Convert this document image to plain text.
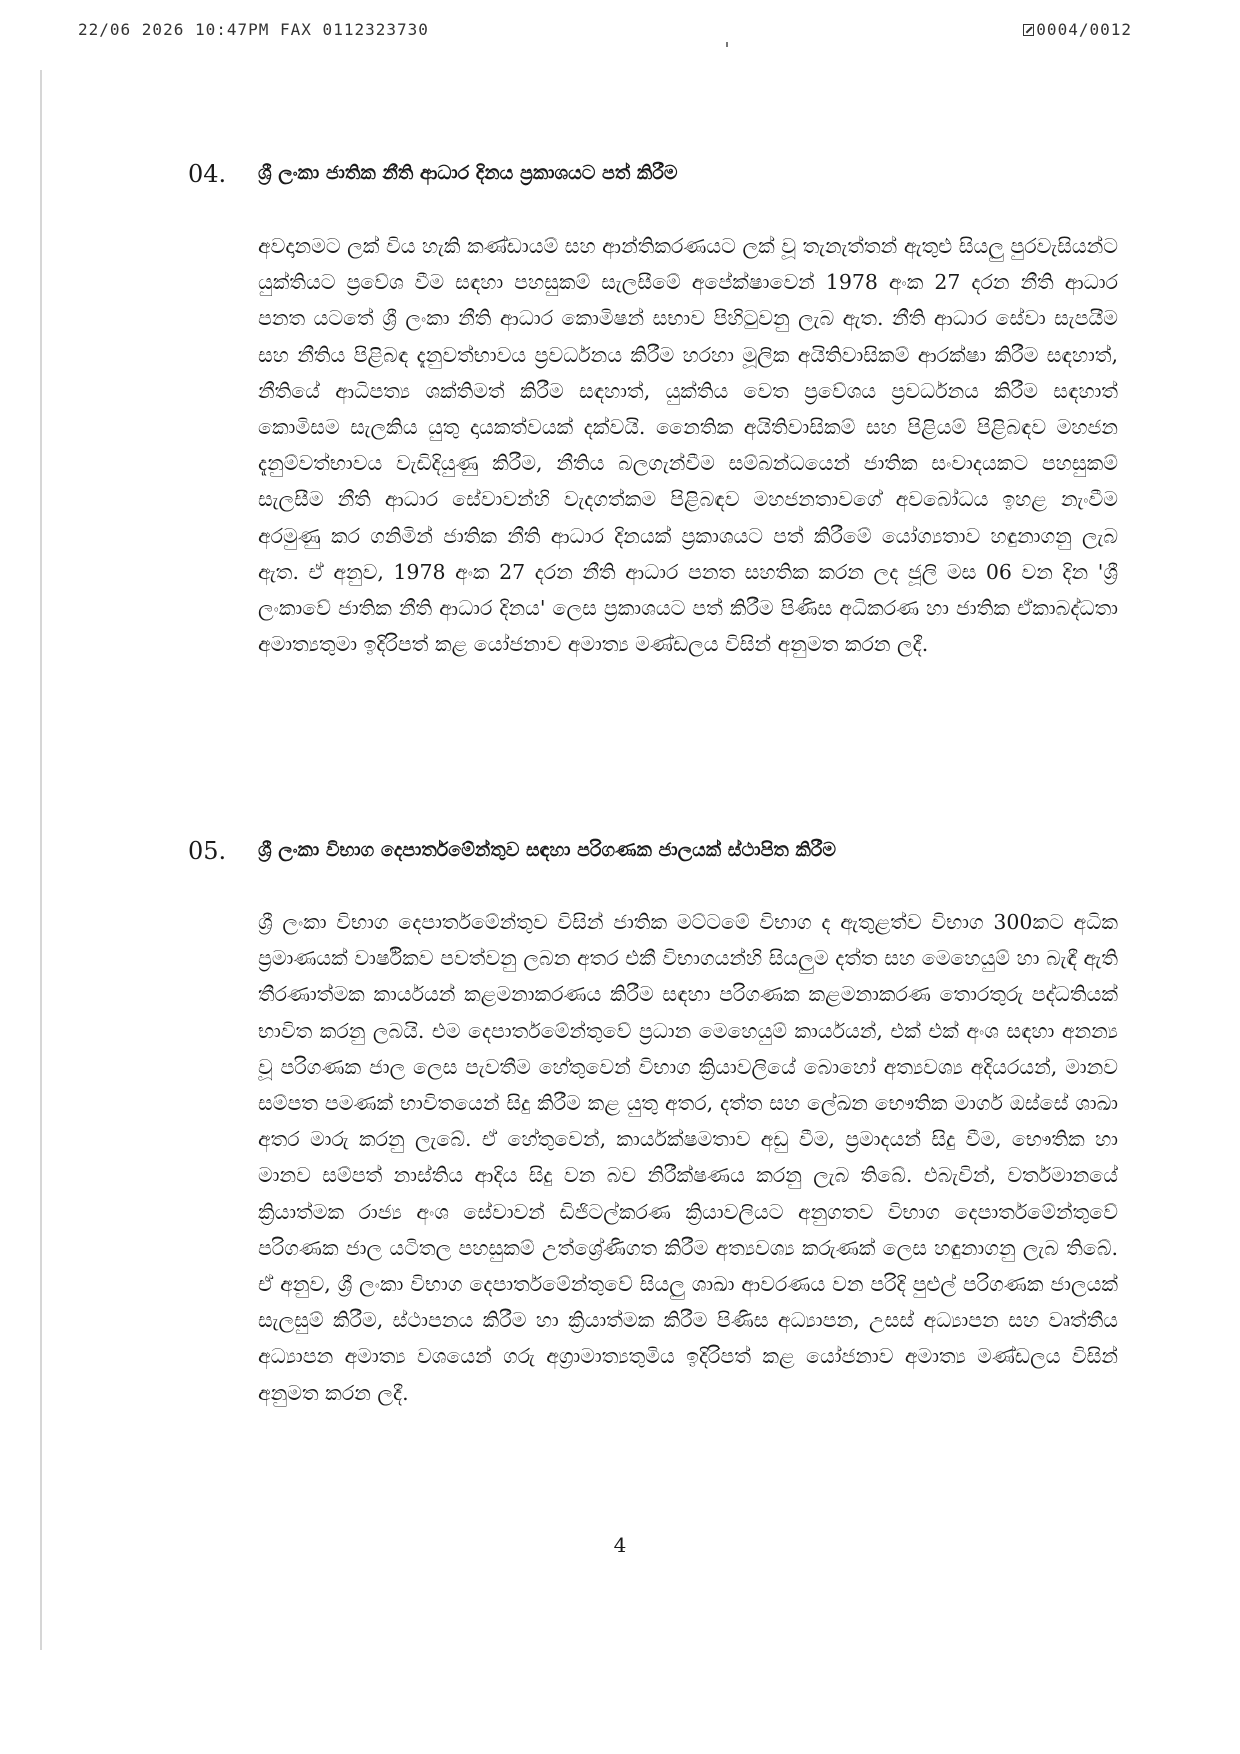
22/06 2026 10:47PM FAX 0112323730	0004/0012
04. ශ්‍රී ලංකා ජාතික නීති ආධාර දිනය ප්‍රකාශයට පත් කිරීම

අවදානමට ලක් විය හැකි කණ්ඩායම් සහ ආන්තිකරණයට ලක් වූ තැනැත්තන් ඇතුළු සියලු පුරවැසියන්ට යුක්තියට ප්‍රවේශ වීම සඳහා පහසුකම් සැලසීමේ අපේක්ෂාවෙන් 1978 අංක 27 දරන නීති ආධාර පනත යටතේ ශ්‍රී ලංකා නීති ආධාර කොමිෂන් සභාව පිහිටුවනු ලැබ ඇත. නීති ආධාර සේවා සැපයීම සහ නීතිය පිළිබඳ දැනුවත්භාවය ප්‍රවර්ධනය කිරීම හරහා මූලික අයිතිවාසිකම් ආරක්ෂා කිරීම සඳහාත්, නීතියේ ආධිපත්‍ය ශක්තිමත් කිරීම සඳහාත්, යුක්තිය වෙත ප්‍රවේශය ප්‍රවර්ධනය කිරීම සඳහාත් කොමිසම සැලකිය යුතු දායකත්වයක් දක්වයි. නෛතික අයිතිවාසිකම් සහ පිළියම් පිළිබඳව මහජන දැනුම්වත්භාවය වැඩිදියුණු කිරීම, නීතිය බලගැන්වීම සම්බන්ධයෙන් ජාතික සංවාදයකට පහසුකම් සැලසීම නීති ආධාර සේවාවන්හි වැදගත්කම පිළිබඳව මහජනතාවගේ අවබෝධය ඉහළ නැංවීම අරමුණු කර ගනිමින් ජාතික නීති ආධාර දිනයක් ප්‍රකාශයට පත් කිරීමේ යෝග්‍යතාව හඳුනාගනු ලැබ ඇත. ඒ අනුව, 1978 අංක 27 දරන නීති ආධාර පනත සහතික කරන ලද ජූලි මස 06 වන දින 'ශ්‍රී ලංකාවේ ජාතික නීති ආධාර දිනය' ලෙස ප්‍රකාශයට පත් කිරීම පිණිස අධිකරණ හා ජාතික ඒකාබද්ධතා අමාත්‍යතුමා ඉදිරිපත් කළ යෝජනාව අමාත්‍ය මණ්ඩලය විසින් අනුමත කරන ලදී.

05. ශ්‍රී ලංකා විභාග දෙපාර්තමේන්තුව සඳහා පරිගණක ජාලයක් ස්ථාපිත කිරීම

ශ්‍රී ලංකා විභාග දෙපාර්තමේන්තුව විසින් ජාතික මට්ටමේ විභාග ද ඇතුළත්ව විභාග 300කට අධික ප්‍රමාණයක් වාර්ෂිකව පවත්වනු ලබන අතර එකී විභාගයන්හි සියලුම දත්ත සහ මෙහෙයුම් හා බැඳී ඇති තීරණාත්මක කාර්යයන් කළමනාකරණය කිරීම සඳහා පරිගණක කළමනාකරණ තොරතුරු පද්ධතියක් භාවිත කරනු ලබයි. එම දෙපාර්තමේන්තුවේ ප්‍රධාන මෙහෙයුම් කාර්යයන්, එක් එක් අංශ සඳහා අනන්‍ය වූ පරිගණක ජාල ලෙස පැවතීම හේතුවෙන් විභාග ක්‍රියාවලියේ බොහෝ අත්‍යවශ්‍ය අදියරයන්, මානව සම්පත පමණක් භාවිතයෙන් සිදු කිරීම කළ යුතු අතර, දත්ත සහ ලේඛන භෞතික මාර්ග ඔස්සේ ශාඛා අතර මාරු කරනු ලැබේ. ඒ හේතුවෙන්, කාර්යක්ෂමතාව අඩු වීම, ප්‍රමාදයන් සිදු වීම, භෞතික හා මානව සම්පත් නාස්තිය ආදිය සිදු වන බව නිරීක්ෂණය කරනු ලැබ තිබේ. එබැවින්, වර්තමානයේ ක්‍රියාත්මක රාජ්‍ය අංශ සේවාවන් ඩිජිටල්කරණ ක්‍රියාවලියට අනුගතව විභාග දෙපාර්තමේන්තුවේ පරිගණක ජාල යටිතල පහසුකම් උත්ශ්‍රේණිගත කිරීම අත්‍යවශ්‍ය කරුණක් ලෙස හඳුනාගනු ලැබ තිබේ. ඒ අනුව, ශ්‍රී ලංකා විභාග දෙපාර්තමේන්තුවේ සියලු ශාඛා ආවරණය වන පරිදි පුළුල් පරිගණක ජාලයක් සැලසුම් කිරීම, ස්ථාපනය කිරීම හා ක්‍රියාත්මක කිරීම පිණිස අධ්‍යාපන, උසස් අධ්‍යාපන සහ වෘත්තීය අධ්‍යාපන අමාත්‍ය වශයෙන් ගරු අග්‍රාමාත්‍යතුමිය ඉදිරිපත් කළ යෝජනාව අමාත්‍ය මණ්ඩලය විසින් අනුමත කරන ලදී.

4
